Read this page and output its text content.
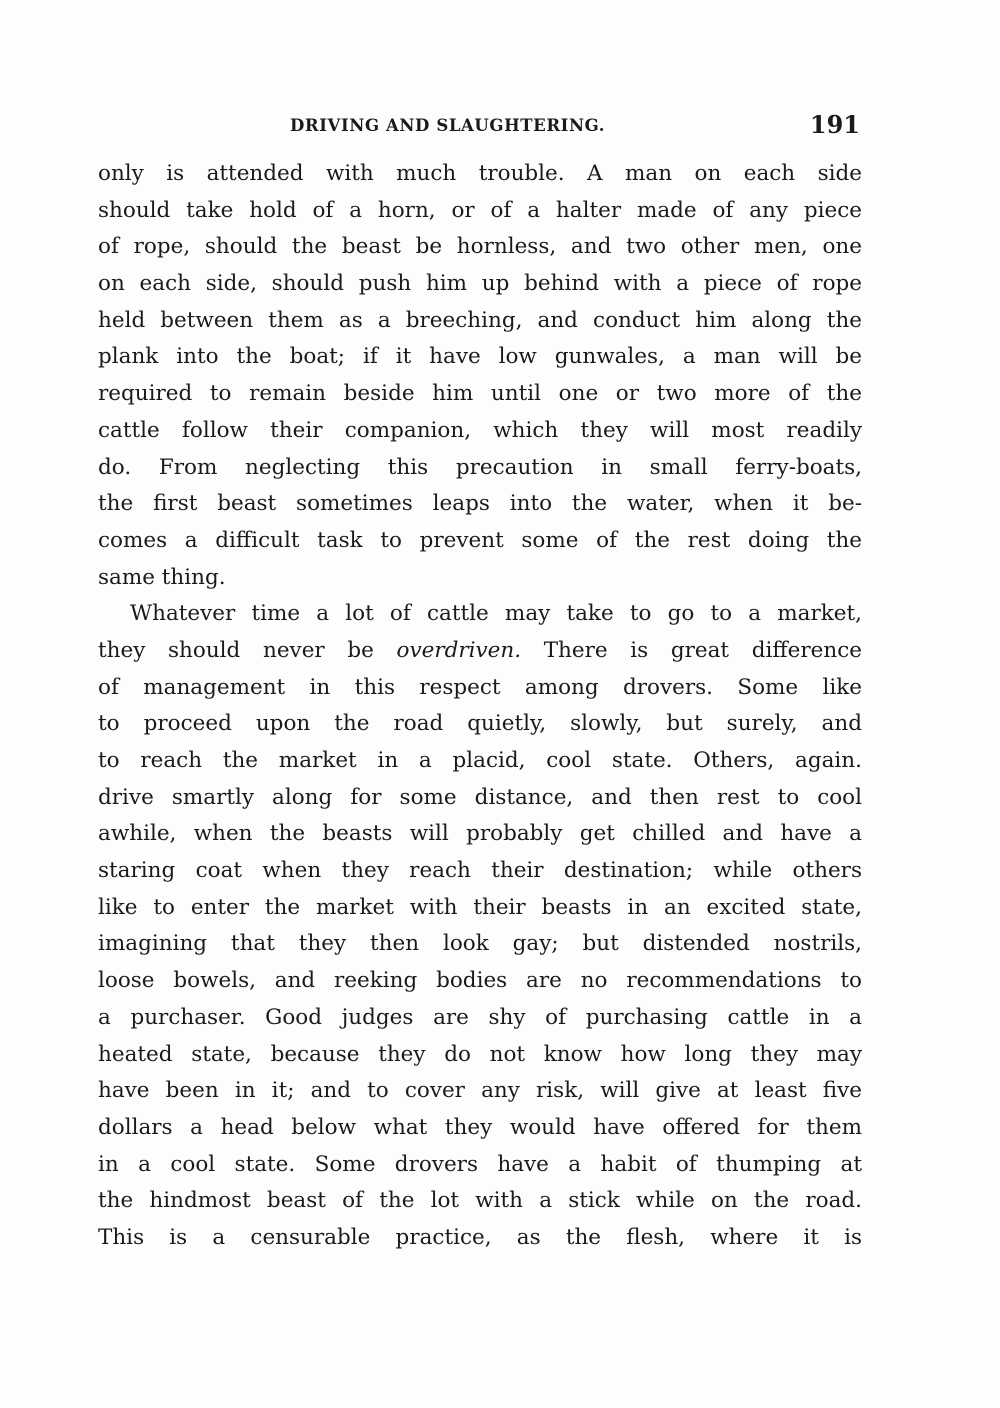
DRIVING AND SLAUGHTERING.	191
only is attended with much trouble. A man on each side
should take hold of a horn, or of a halter made of any piece
of rope, should the beast be hornless, and two other men, one
on each side, should push him up behind with a piece of rope
held between them as a breeching, and conduct him along the
plank into the boat; if it have low gunwales, a man will be
required to remain beside him until one or two more of the
cattle follow their companion, which they will most readily
do. From neglecting this precaution in small ferry-boats,
the first beast sometimes leaps into the water, when it be-
comes a difficult task to prevent some of the rest doing the
same thing.
Whatever time a lot of cattle may take to go to a market,
they should never be overdriven. There is great difference
of management in this respect among drovers. Some like
to proceed upon the road quietly, slowly, but surely, and
to reach the market in a placid, cool state. Others, again.
drive smartly along for some distance, and then rest to cool
awhile, when the beasts will probably get chilled and have a
staring coat when they reach their destination; while others
like to enter the market with their beasts in an excited state,
imagining that they then look gay; but distended nostrils,
loose bowels, and reeking bodies are no recommendations to
a purchaser. Good judges are shy of purchasing cattle in a
heated state, because they do not know how long they may
have been in it; and to cover any risk, will give at least five
dollars a head below what they would have offered for them
in a cool state. Some drovers have a habit of thumping at
the hindmost beast of the lot with a stick while on the road.
This is a censurable practice, as the flesh, where it is
